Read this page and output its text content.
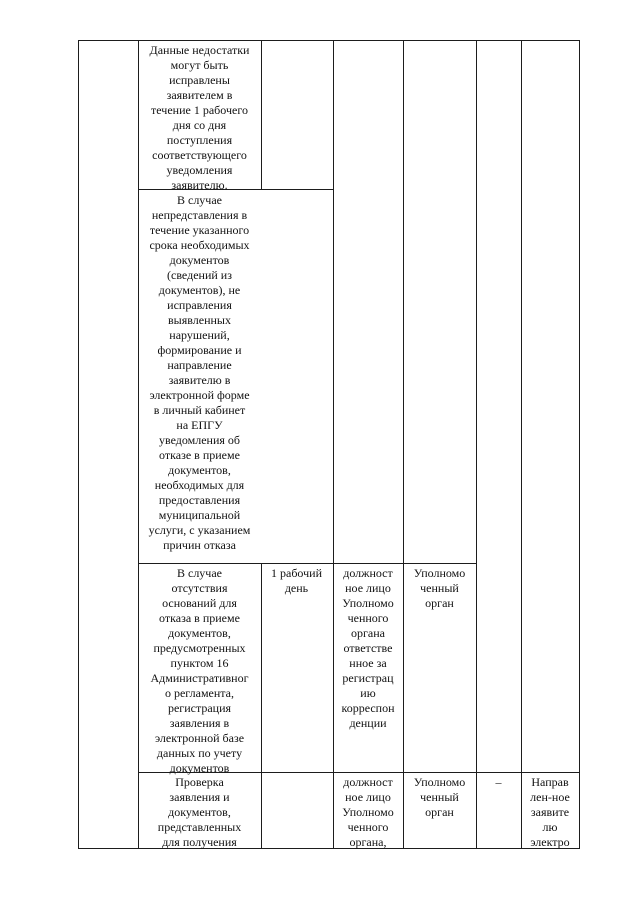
Данные недостатки
могут быть
исправлены
заявителем в
течение 1 рабочего
дня со дня
поступления
соответствующего
уведомления
заявителю.
В случае
непредставления в
течение указанного
срока необходимых
документов
(сведений из
документов), не
исправления
выявленных
нарушений,
формирование и
направление
заявителю в
электронной форме
в личный кабинет
на ЕПГУ
уведомления об
отказе в приеме
документов,
необходимых для
предоставления
муниципальной
услуги, с указанием
причин отказа
В случае
отсутствия
оснований для
отказа в приеме
документов,
предусмотренных
пунктом 16
Административног
о регламента,
регистрация
заявления в
электронной базе
данных по учету
документов
1 рабочий
день
должност
ное лицо
Уполномо
ченного
органа
ответстве
нное за
регистрац
ию
корреспон
денции
Уполномо
ченный
орган
Проверка
заявления и
документов,
представленных
для получения
должност
ное лицо
Уполномо
ченного
органа,
Уполномо
ченный
орган
–	Направ
лен-ное
заявите
лю
электро
